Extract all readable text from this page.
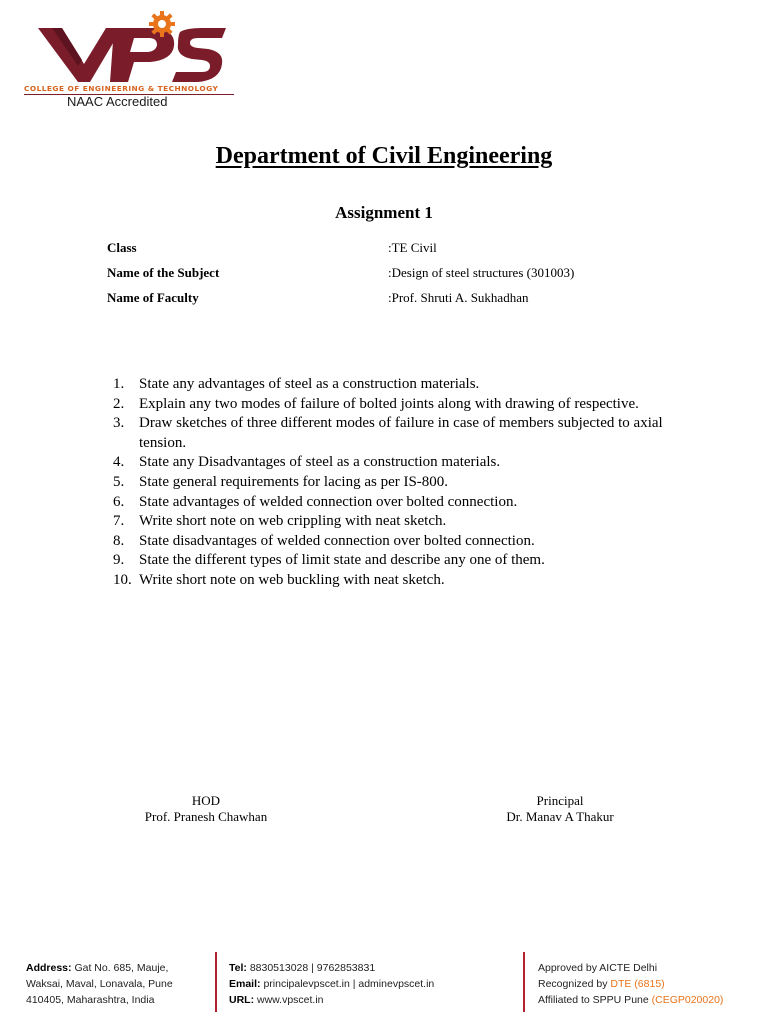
COLLEGE OF ENGINEERING & TECHNOLOGY
NAAC Accredited
Department of Civil Engineering
Assignment 1
Class	:TE Civil
Name of the Subject	:Design of steel structures (301003)
Name of Faculty	:Prof. Shruti A. Sukhadhan
1. State any advantages of steel as a construction materials.
2. Explain any two modes of failure of bolted joints along with drawing of respective.
3. Draw sketches of three different modes of failure in case of members subjected to axial tension.
4. State any Disadvantages of steel as a construction materials.
5. State general requirements for lacing as per IS-800.
6. State advantages of welded connection over bolted connection.
7. Write short note on web crippling with neat sketch.
8. State disadvantages of welded connection over bolted connection.
9. State the different types of limit state and describe any one of them.
10. Write short note on web buckling with neat sketch.
HOD
Prof. Pranesh Chawhan
Principal
Dr. Manav A Thakur
Address: Gat No. 685, Mauje,
Waksai, Maval, Lonavala, Pune
410405, Maharashtra, India
Tel: 8830513028 | 9762853831
Email: principalevpscet.in | adminevpscet.in
URL: www.vpscet.in
Approved by AICTE Delhi
Recognized by DTE (6815)
Affiliated to SPPU Pune (CEGP020020)
